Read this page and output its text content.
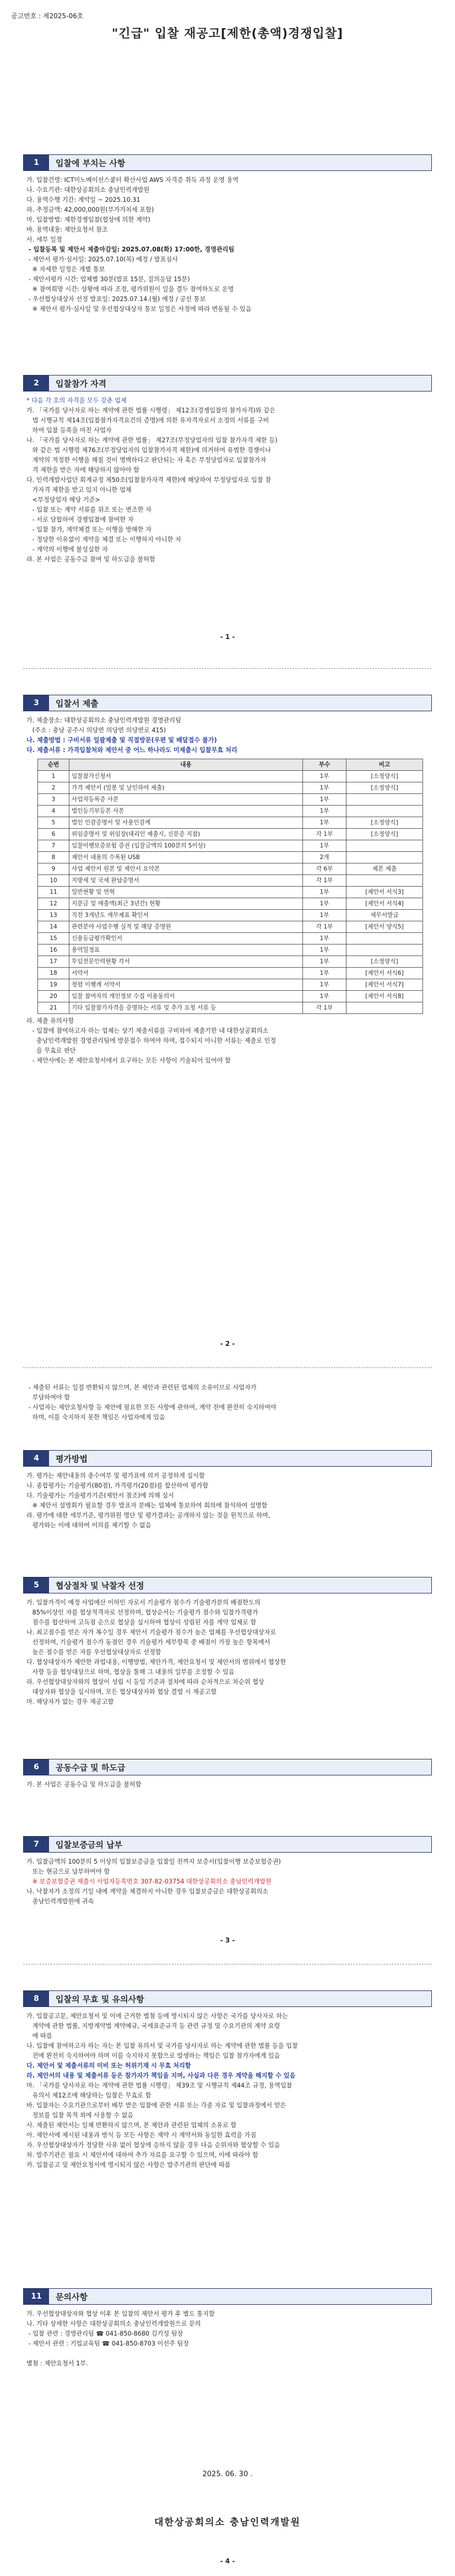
공고번호 : 제2025-06호
"긴급" 입찰 재공고[제한(총액)경쟁입찰]
1	입찰에 부치는 사항
가. 입찰건명: ICT미노베이션스쿨터 확산사업 AWS 자격증 취득 과정 운영 용역
나. 수요기관: 대한상공회의소 충남인력개발원
다. 용역수행 기간: 계약일 ~ 2025.10.31
라. 추정금액: 42,000,000원(부가가치세 포함)
마. 입찰방법: 제한경쟁입찰(협상에 의한 계약)
바. 용역내용: 제안요청서 참조
사. 세부 일정
- 입찰등록 및 제안서 제출마감일: 2025.07.08(화) 17:00한, 경영관리팀
- 제안서 평가·심사일: 2025.07.10(목) 예정 / 발표심사
※ 자세한 일정은 개별 통보
- 제안서평가 시간: 업체별 30분(발표 15분, 질의응답 15분)
※ 참여희망 시간: 상황에 따라 조정, 평가위원이 일을 결두 참여하도로 운영
- 우선협상대상자 선정 발표일: 2025.07.14.(월) 예정 / 공선 통보
※ 제안서 평가·심사일 및 우선협상대상자 통보 일정은 사정에 따라 변동될 수 있음
2	입찰참가 자격
* 다음 각 호의 자격을 모두 갖춘 업체
가. 「국가를 당사자로 하는 계약에 관한 법률 시행령」 제12조(경쟁입찰의 참가자격)와 같은
법 시행규칙 제14조(입찰참가자격요건의 증명)에 의한 유자격자로서 소정의 서류를 구비
하여 입찰 등록을 마친 사업자
나. 「국가를 당사자로 하는 계약에 관한 법률」 제27조(부정당업자의 입찰 참가자격 제한 등)
와 같은 법 시행령 제76조(부정당업자의 입찰참가자격 제한)에 의거하여 유범한 경쟁이나
계약의 적정한 이행을 해칠 것이 명백하다고 판단되는 자 혹은 부정당업자로 입찰참가자
격 제한을 받은 자에 해당하지 않아야 함
다. 인력개발사업단 회계규정 제50조(입찰참가자격 제한)에 해당하여 부정당업자로 입찰 참
가자격 제한을 받고 있지 아니한 업체
<부정당업자 해당 기준>
- 입찰 또는 계약 서류를 위조 또는 변조한 자
- 서로 담합하여 경쟁입찰에 참여한 자
- 입찰 참가, 계약체결 또는 이행을 방해한 자
- 정당한 이유없이 계약을 체결 또는 이행하지 아니한 자
- 계약의 이행에 불성실한 자
라. 본 사업은 공동수급 참여 및 하도급을 불허함
3	입찰서 제출
가. 제출장소: 대한상공회의소 충남인력개발원 경영관리팀
(주소 : 충남 공주시 의당면 의당면 의당면로 415)
나. 제출방법 : 구비서류 일괄제출 및 직접방문(우편 및 배달접수 불가)
다. 제출서류 : 가격입찰처와 제안서 중 어느 하나라도 미제출시 입찰무효 처리
순번	내용	부수	비고
1	입찰참가신청서	1부	[소정양식]
2	가격 제안서 (밀봉 및 날인하여 제출)	1부	[소정양식]
3	사업자등록증 사본	1부	
4	법인등기부등본 사본	1부	
5	법인 인감증명서 및 사용인감계	1부	[소정양식]
6	위임증명서 및 위임장(대리인 제출시, 신분증 지참)	각 1부	[소정양식]
7	입찰이행보증보험 증권 (입찰금액의 100분의 5이상)	1부	
8	제안서 내용의 수록된 USB	2개	
9	사업 제안서 원본 및 제안서 요약본	각 6부	제본 제출
10	지방세 및 국세 완납증명서	각 1부	
11	일반현황 및 연혁	1부	[제안서 서식3]
12	지분금 및 매출액(최근 3년간) 현황	1부	[제안서 서식4]
13	직전 3개년도 재무제표 확인서	1부	세무서발급
14	관련분야 사업수행 실적 및 해당 증명원	각 1부	[제안서 양식5]
15	신용등급평가확인서	1부	
16	용역일정표	1부	
17	투입전문인력현황 각서	1부	[소정양식]
18	서약서	1부	[제안서 서식6]
19	청렴 이행계 서약서	1부	[제안서 서식7]
20	입찰 참여자의 개인정보 수집 이용동의서	1부	[제안서 서식8]
21	기타 입찰참가자격을 증명하는 서류 및 추가 요청 서류 등	각 1부	
라. 제출 유의사항
- 입찰에 참여하고자 하는 업체는 상기 제출서류를 구비하여 제출기한 내 대한상공회의소
충남인력개발원 경영관리팀에 방문접수 하여야 하며, 접수되지 아니한 서류는 제출로 인정
을 무효로 판단
- 제안사에는 본 제안요청서에서 요구하는 모든 사항이 기술되어 있어야 함
- 제출된 서류는 일절 반환되지 않으며, 본 제안과 관련된 업체의 소유이므로 사업자가
부담하여야 함
- 사업자는 제안요청사항 등 제안에 필요한 모든 사항에 관하여, 계약 전에 완전히 숙지하여야
하며, 이를 숙지하지 못한 책임은 사업자에게 있음
4	평가방법
가. 평가는 제안내용의 충수여부 및 평가표에 의거 공정하게 실시함
나. 종합평가는 기술평가(80점), 가격평가(20점)를 합산하여 평가함
다. 기술평가는 기술평가기준(제안서 참조)에 의해 실시
※ 제안서 설명회가 필요할 경우 발표자 분배는 업체에 통보하여 회의에 참석하여 설명함
라. 평가에 대한 세부기준, 평가위원 명단 및 평가결과는 공개하지 않는 것을 원칙으로 하며,
평가와는 이에 대하여 이의를 제기할 수 없음
5	협상절차 및 낙찰자 선정
가. 입찰가격이 예정 사업예산 이하인 자로서 기술평가 점수가 기술평가분의 배점한도의
85%이상인 자를 협상적격자로 선정하며, 협상순서는 기술평가 점수와 입찰가격평가
점수를 합산하여 고득점 순으로 협상을 실시하여 협상이 성립된 자를 계약 업체로 함
나. 최고점수를 얻은 자가 복수일 경우 제안서 기술평가 점수가 높은 업체를 우선협상대상자로
선정하며, 기술평가 점수가 동점인 경우 기술평가 세부항목 중 배점이 가장 높은 항목에서
높은 점수를 얻은 자를 우선협상대상자로 선정함
다. 협상대상자가 제안한 과업내용, 이행방법, 제안가격, 제안요청서 및 제안서의 범위에서 협상한
사항 등을 협상대상으로 하며, 협상을 통해 그 내용의 일부를 조정할 수 있음
라. 우선협상대상자와의 협상이 성립 시 등임 기준과 절차에 따라 순차적으로 차순위 협상
대상자와 협상을 실시하며, 모든 협상대상자와 협상 결렬 시 재공고함
마. 해당자가 없는 경우 재공고함
6	공동수급 및 하도급
가. 본 사업은 공동수급 및 하도급을 불허함
7	입찰보증금의 납부
가. 입찰금액의 100분의 5 이상의 입찰보증금을 입찰일 전까지 보증서(입찰이행 보증보험증권)
또는 현금으로 납부하여야 함
※ 보증보험증권 제출시 사업자등록번호 307-82-03754 대한상공회의소 충남인력개발원
나. 낙찰자가 소정의 기일 내에 계약을 체결하지 아니한 경우 입찰보증금은 대한상공회의소
충남인력개발원에 귀속
8	입찰의 무효 및 유의사항
가. 입찰공고문, 제안요청서 및 이에 근거한 별첨 등에 명시되지 않은 사항은 국가를 당사자로 하는
계약에 관한 법률, 지방계약법 계약예규, 국세표준규격 등 관련 규정 및 수요기관의 계약 요령
에 따름
나. 입찰에 참여하고자 하는 자는 본 입찰 유의서 및 국가를 당사자로 하는 계약에 관한 법률 등을 입찰
전에 완전히 숙지하여야 하며 이를 숙지하지 못함으로 발생하는 책임은 입찰 참가자에게 있음
다. 제안서 및 제출서류의 미비 또는 허위기재 시 무효 처리함
라. 제안서의 내용 및 제출서류 등은 참가자가 책임을 지며, 사실과 다른 경우 계약을 해지할 수 있음
마. 「국가를 당사자로 하는 계약에 관한 법률 시행령」 제39조 및 시행규칙 제44조 규정, 용역입찰
유의서 제12조에 해당하는 입찰은 무효로 함
바. 입찰자는 수요기관으로부터 배부 받은 입찰에 관한 서류 또는 각종 자료 및 입찰과정에서 얻은
정보를 입찰 목적 외에 사용할 수 없음
사. 제출된 제안서는 일체 반환하지 않으며, 본 제안과 관련된 업체의 소유로 함
아. 제안서에 제시된 내용과 방식 등 모든 사항은 계약 시 계약서와 동일한 효력을 가짐
자. 우선협상대상자가 정당한 사유 없이 협상에 응하지 않을 경우 다음 순위자와 협상할 수 있음
차. 발주기관은 필요 시 제안서에 대하여 추가 자료를 요구할 수 있으며, 이에 따라야 함
카. 입찰공고 및 제안요청서에 명시되지 않은 사항은 발주기관의 판단에 따름
11	문의사항
가. 우선협상대상자와 협상 이후 본 입찰의 제안서 평가 후 별도 통지함
나. 기타 상세한 사항은 대한상공회의소 충남인력개발원으로 문의
- 입찰 관련 : 경영관리팀 ☎ 041-850-8680 김기성 팀장
- 제안서 관련 : 기업교육팀 ☎ 041-850-8703 이선주 팀장
별첨 : 제안요청서 1부.
- 1 -
- 2 -
- 3 -
2025. 06. 30 .
대한상공회의소 충남인력개발원
- 4 -
